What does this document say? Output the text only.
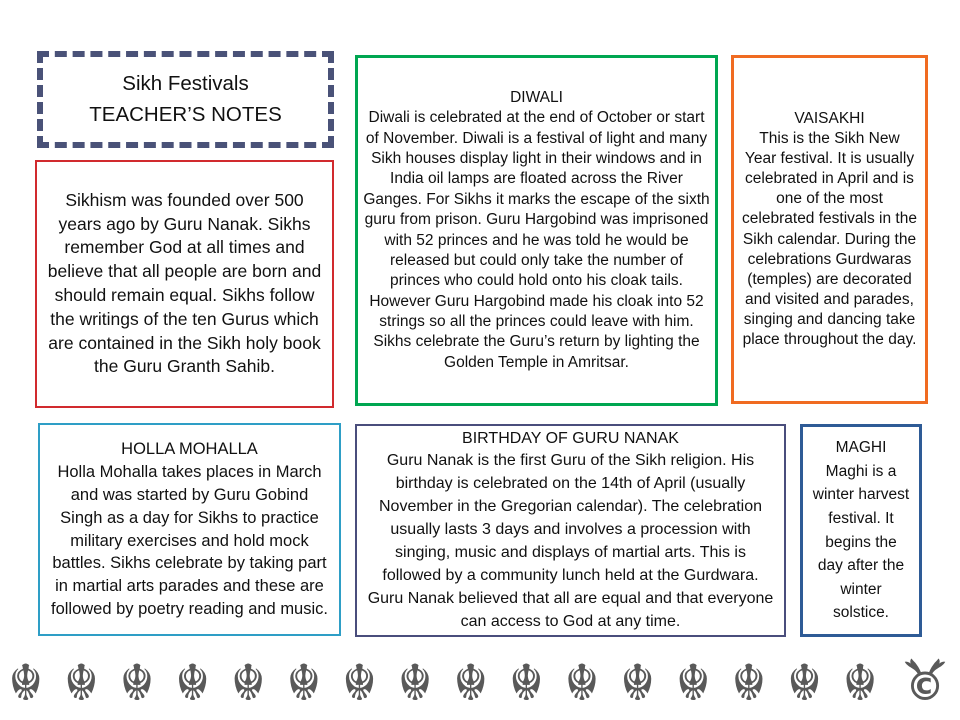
Sikh Festivals
TEACHER’S NOTES
Sikhism was founded over 500 years ago by Guru Nanak. Sikhs remember God at all times and believe that all people are born and should remain equal. Sikhs follow the writings of the ten Gurus which are contained in the Sikh holy book the Guru Granth Sahib.
DIWALI
Diwali is celebrated at the end of October or start of November. Diwali is a festival of light and many Sikh houses display light in their windows and in India oil lamps are floated across the River Ganges. For Sikhs it marks the escape of the sixth guru from prison. Guru Hargobind was imprisoned with 52 princes and he was told he would be released but could only take the number of princes who could hold onto his cloak tails. However Guru Hargobind made his cloak into 52 strings so all the princes could leave with him. Sikhs celebrate the Guru’s return by lighting the Golden Temple in Amritsar.
VAISAKHI
This is the Sikh New Year festival. It is usually celebrated in April and is one of the most celebrated festivals in the Sikh calendar. During the celebrations Gurdwaras (temples) are decorated and visited and parades, singing and dancing take place throughout the day.
HOLLA MOHALLA
Holla Mohalla takes places in March and was started by Guru Gobind Singh as a day for Sikhs to practice military exercises and hold mock battles. Sikhs celebrate by taking part in martial arts parades and these are followed by poetry reading and music.
BIRTHDAY OF GURU NANAK
Guru Nanak is the first Guru of the Sikh religion. His birthday is celebrated on the 14th of April (usually November in the Gregorian calendar). The celebration usually lasts 3 days and involves a procession with singing, music and displays of martial arts. This is followed by a community lunch held at the Gurdwara. Guru Nanak believed that all are equal and that everyone can access to God at any time.
MAGHI
Maghi is a winter harvest festival. It begins the day after the winter solstice.
☬ ☬ ☬ ☬ ☬ ☬ ☬ ☬ ☬ ☬ ☬ ☬ ☬ ☬ ☬ ☬ ©
